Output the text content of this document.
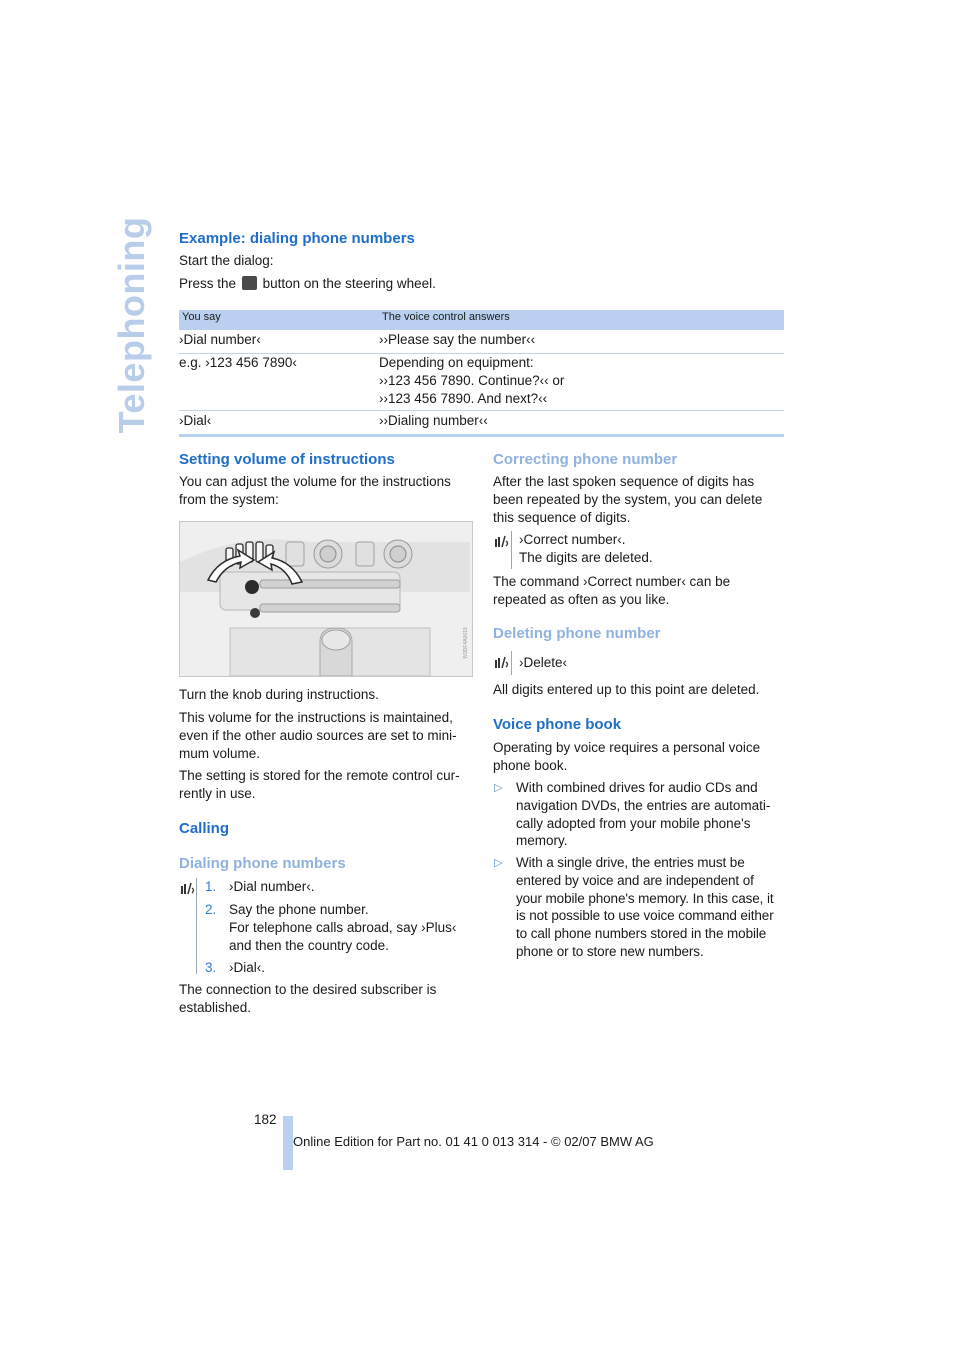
Telephoning Example: dialing phone numbers
Start the dialog:
Press the button on the steering wheel.
You say	The voice control answers
›Dial number‹	››Please say the number‹‹
e.g. ›123 456 7890‹	Depending on equipment:
››123 456 7890. Continue?‹‹ or
››123 456 7890. And next?‹‹
›Dial‹	››Dialing number‹‹
Setting volume of instructions
You can adjust the volume for the instructions
from the system:
W3DF4A0019
Turn the knob during instructions.
This volume for the instructions is maintained,
even if the other audio sources are set to mini-
mum volume.
The setting is stored for the remote control cur-
rently in use.
Calling
Dialing phone numbers
1. ›Dial number‹.
2. Say the phone number.
For telephone calls abroad, say ›Plus‹
and then the country code.
3. ›Dial‹.
The connection to the desired subscriber is
established.
Correcting phone number
After the last spoken sequence of digits has
been repeated by the system, you can delete
this sequence of digits.
›Correct number‹.
The digits are deleted.
The command ›Correct number‹ can be
repeated as often as you like.
Deleting phone number
›Delete‹
All digits entered up to this point are deleted.
Voice phone book
Operating by voice requires a personal voice
phone book.
▷ With combined drives for audio CDs and
navigation DVDs, the entries are automati-
cally adopted from your mobile phone's
memory.
▷ With a single drive, the entries must be
entered by voice and are independent of
your mobile phone's memory. In this case, it
is not possible to use voice command either
to call phone numbers stored in the mobile
phone or to store new numbers.
182
Online Edition for Part no. 01 41 0 013 314 - © 02/07 BMW AG
